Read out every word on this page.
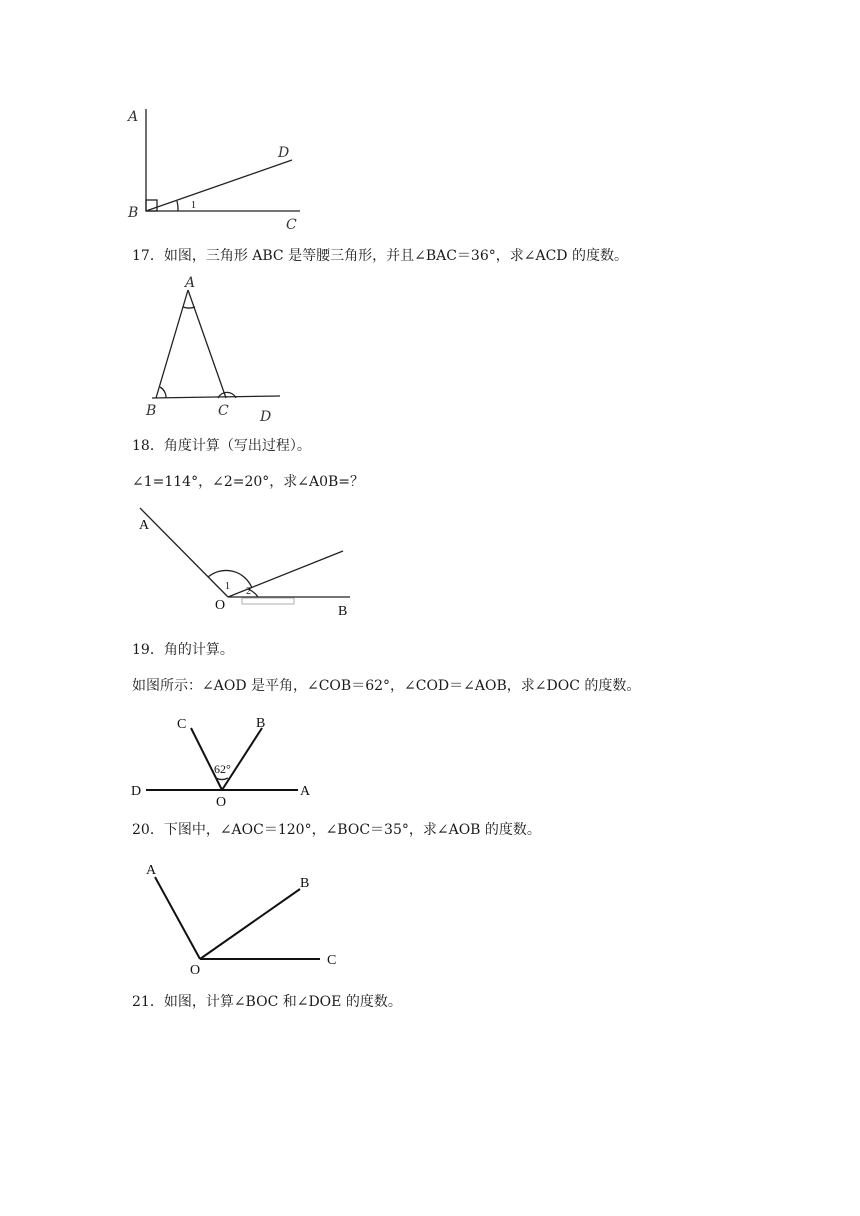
A
D
B	1
C
17．如图，三角形 ABC 是等腰三角形，并且∠BAC＝36°，求∠ACD 的度数。
A
B	C D
18．角度计算（写出过程）。
∠1=114°，∠2=20°，求∠A0B=？
A
1 2
O	B
19．角的计算。
如图所示：∠AOD 是平角，∠COB＝62°，∠COD＝∠AOB，求∠DOC 的度数。
C	B
62°
D
O
A
20．下图中，∠AOC＝120°，∠BOC＝35°，求∠AOB 的度数。
A
B
O
C
21．如图，计算∠BOC 和∠DOE 的度数。
